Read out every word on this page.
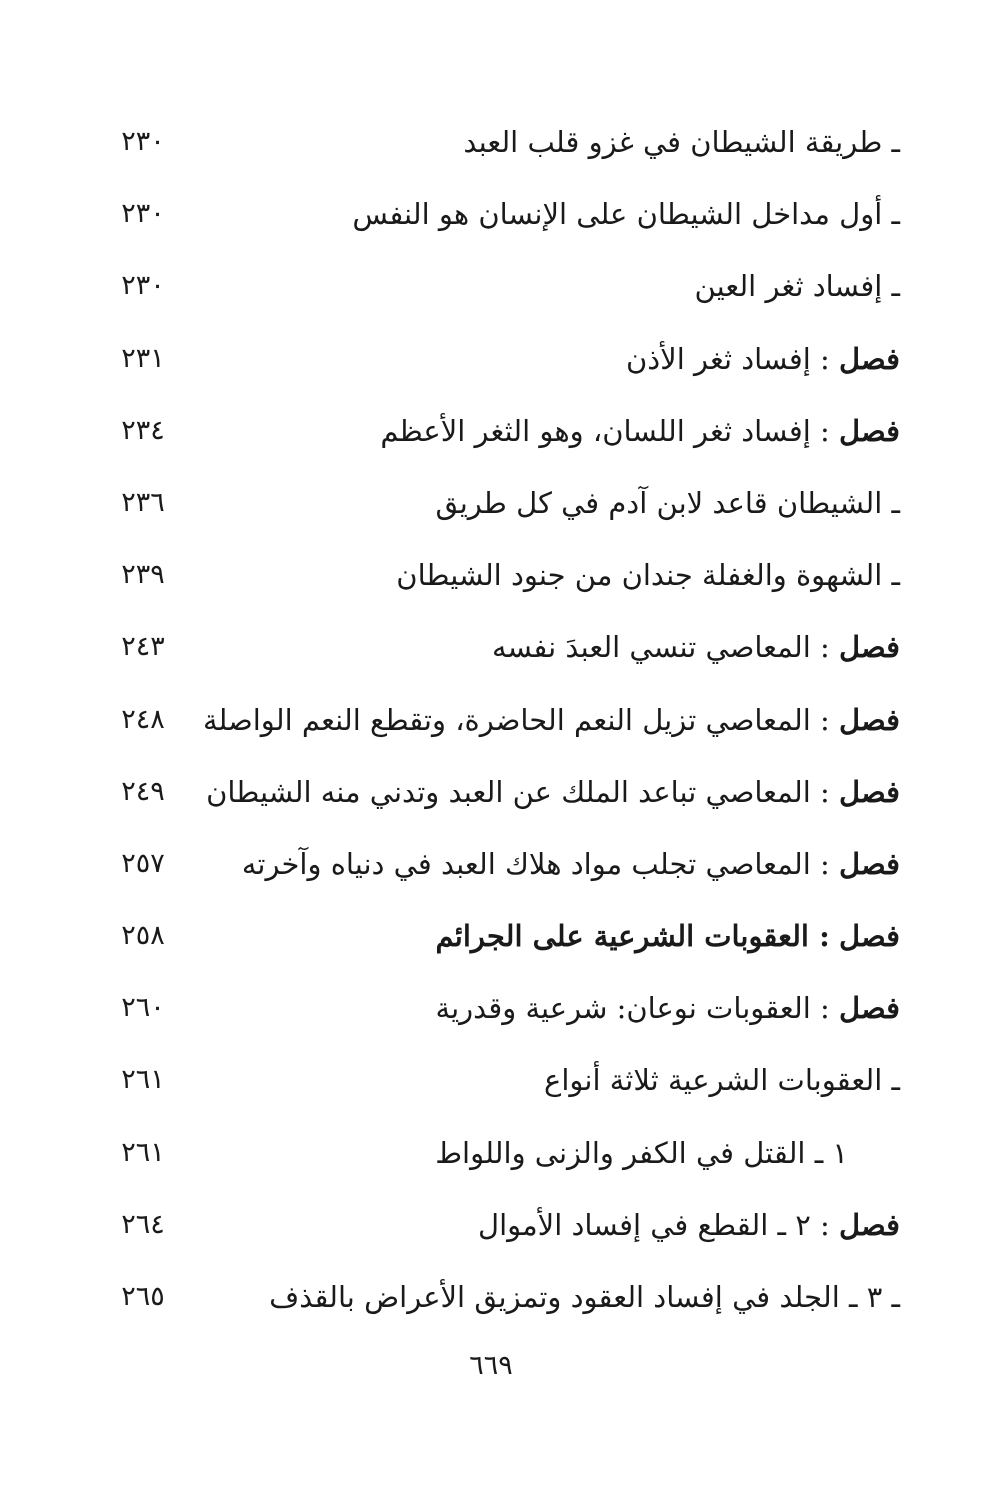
ـ طريقة الشيطان في غزو قلب العبد
٢٣٠
ـ أول مداخل الشيطان على الإنسان هو النفس
٢٣٠
ـ إفساد ثغر العين
٢٣٠
فصل : إفساد ثغر الأذن
٢٣١
فصل : إفساد ثغر اللسان، وهو الثغر الأعظم
٢٣٤
ـ الشيطان قاعد لابن آدم في كل طريق
٢٣٦
ـ الشهوة والغفلة جندان من جنود الشيطان
٢٣٩
فصل : المعاصي تنسي العبدَ نفسه
٢٤٣
فصل : المعاصي تزيل النعم الحاضرة، وتقطع النعم الواصلة
٢٤٨
فصل : المعاصي تباعد الملك عن العبد وتدني منه الشيطان
٢٤٩
فصل : المعاصي تجلب مواد هلاك العبد في دنياه وآخرته
٢٥٧
فصل : العقوبات الشرعية على الجرائم
٢٥٨
فصل : العقوبات نوعان: شرعية وقدرية
٢٦٠
ـ العقوبات الشرعية ثلاثة أنواع
٢٦١
١ ـ القتل في الكفر والزنى واللواط
٢٦١
فصل : ٢ ـ القطع في إفساد الأموال
٢٦٤
ـ ٣ ـ الجلد في إفساد العقود وتمزيق الأعراض بالقذف
٢٦٥
٦٦٩
